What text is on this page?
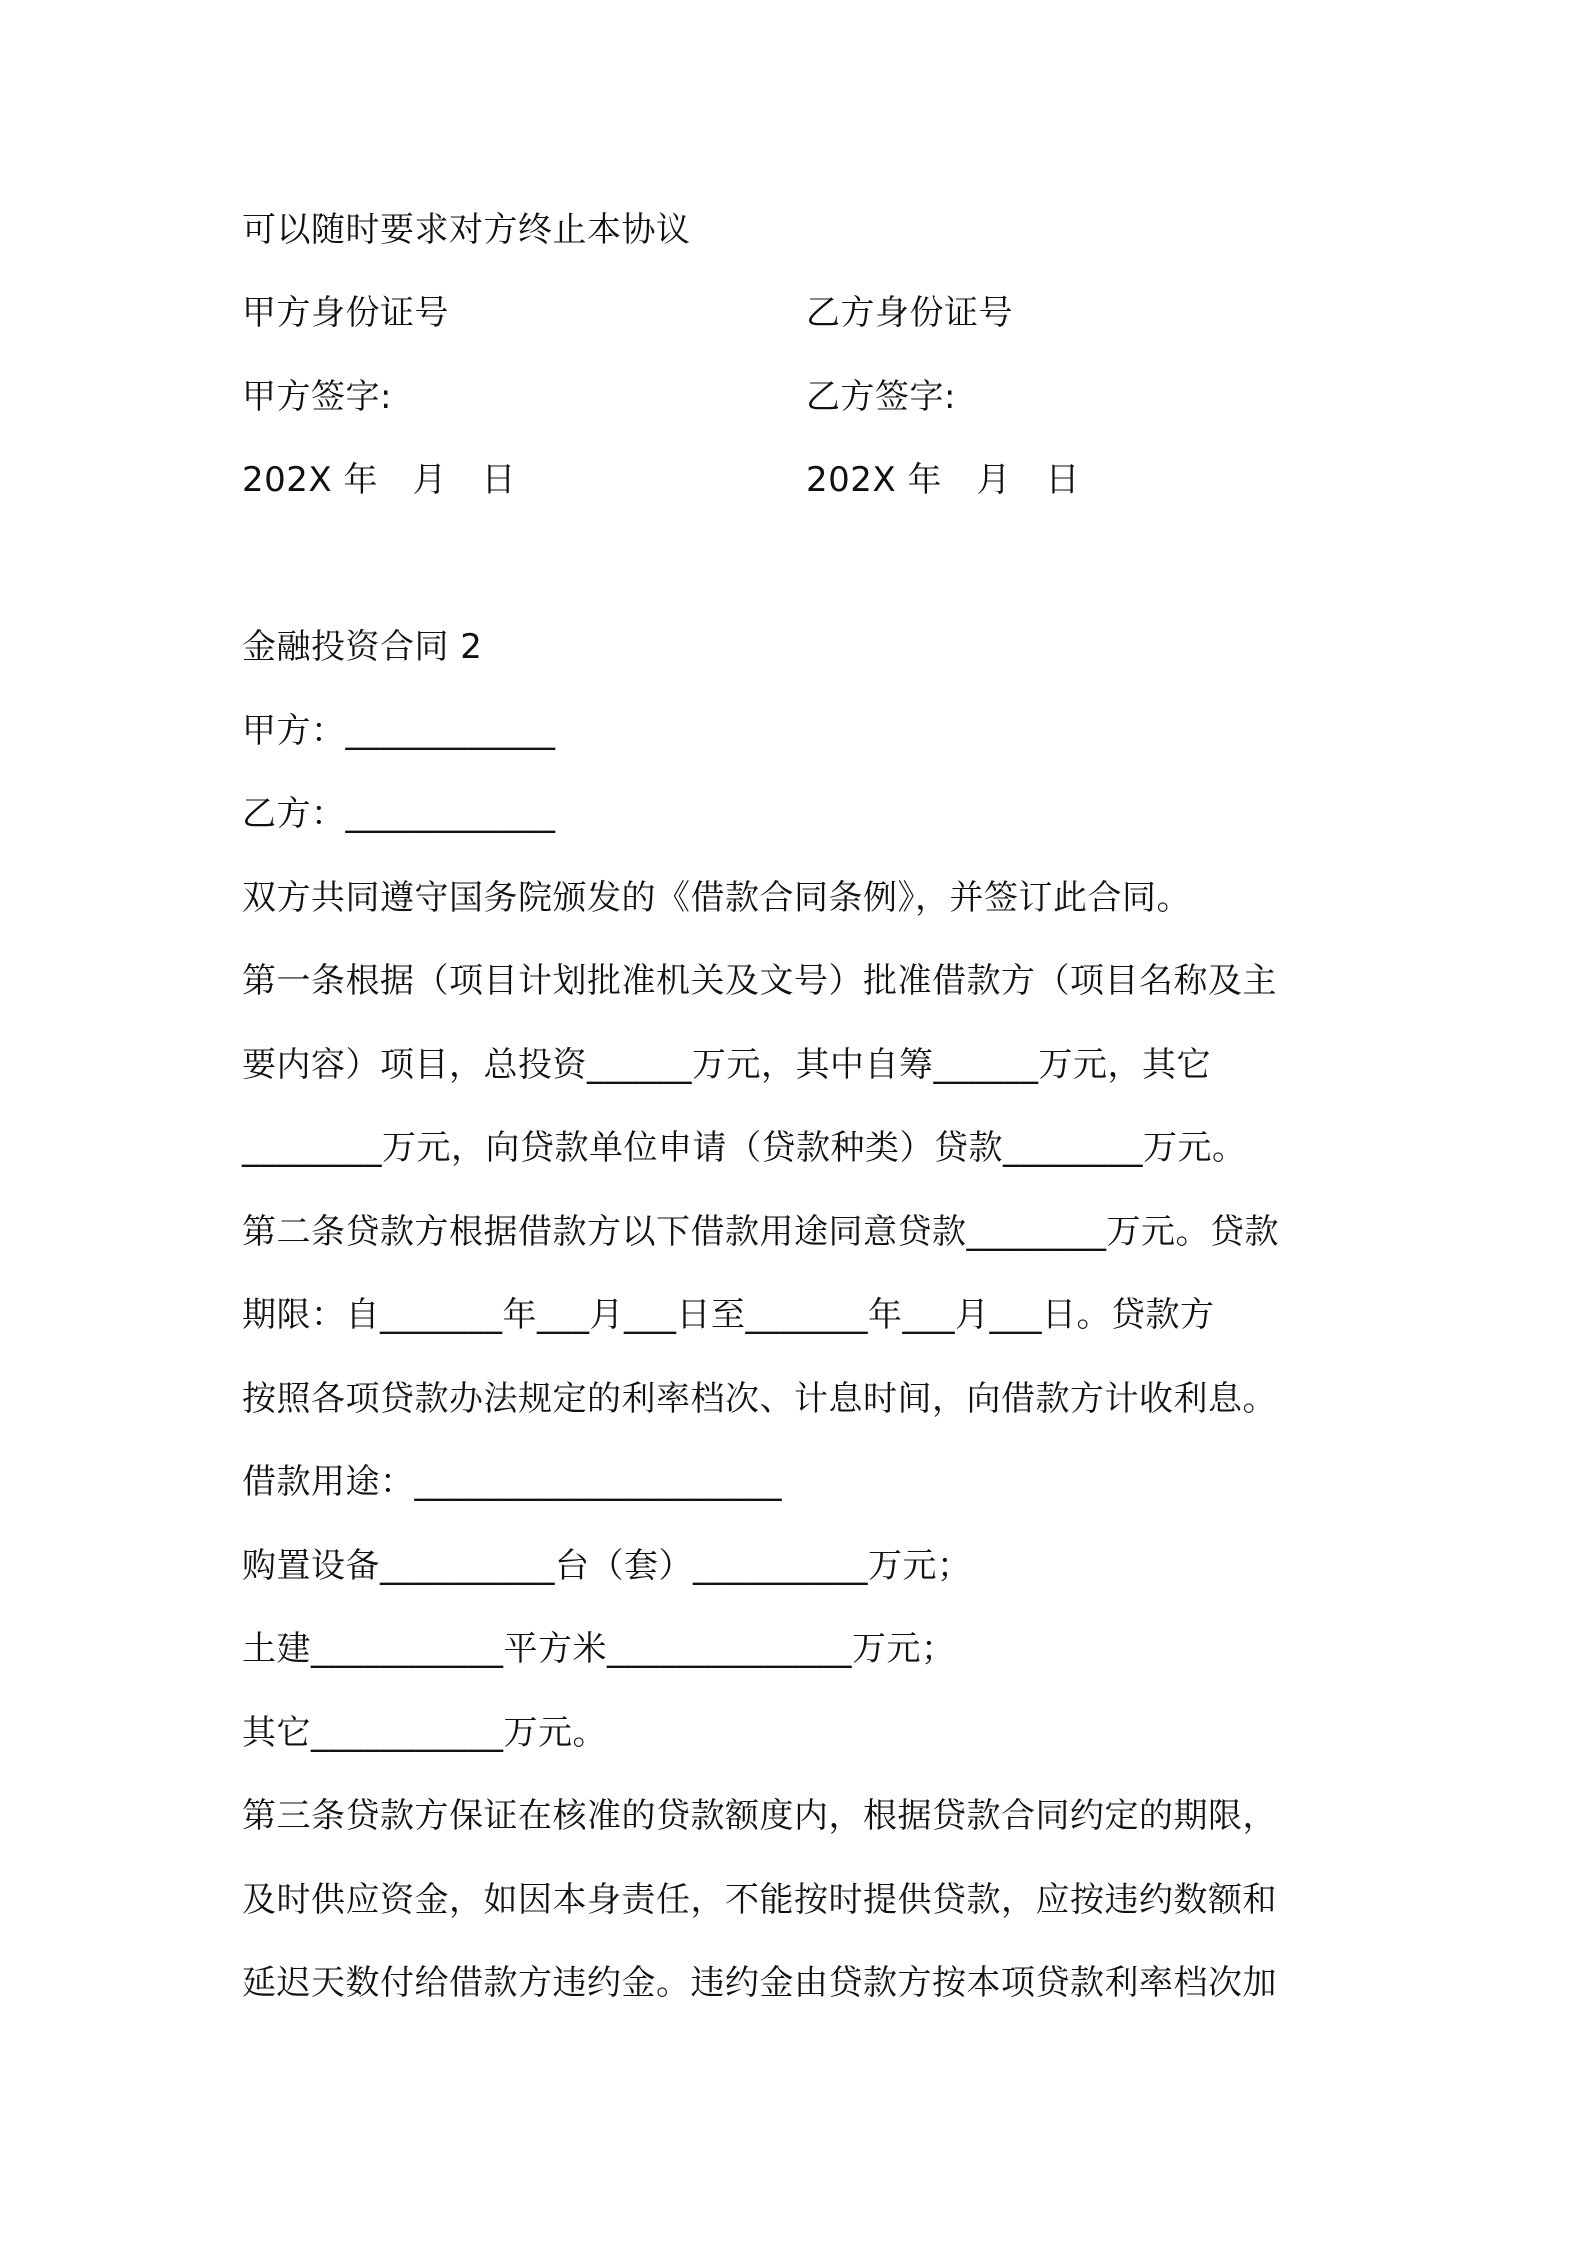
可以随时要求对方终止本协议
甲方身份证号	乙方身份证号
甲方签字:	乙方签字:
202X 年　月　日	202X 年　月　日
金融投资合同 2
甲方：____________
乙方：____________
双方共同遵守国务院颁发的《借款合同条例》，并签订此合同。
第一条根据（项目计划批准机关及文号）批准借款方（项目名称及主
要内容）项目，总投资______万元，其中自筹______万元，其它
________万元，向贷款单位申请（贷款种类）贷款________万元。
第二条贷款方根据借款方以下借款用途同意贷款________万元。贷款
期限：自_______年___月___日至_______年___月___日。贷款方
按照各项贷款办法规定的利率档次、计息时间，向借款方计收利息。
借款用途：_____________________
购置设备__________台（套）__________万元；
土建___________平方米______________万元；
其它___________万元。
第三条贷款方保证在核准的贷款额度内，根据贷款合同约定的期限，
及时供应资金，如因本身责任，不能按时提供贷款，应按违约数额和
延迟天数付给借款方违约金。违约金由贷款方按本项贷款利率档次加
